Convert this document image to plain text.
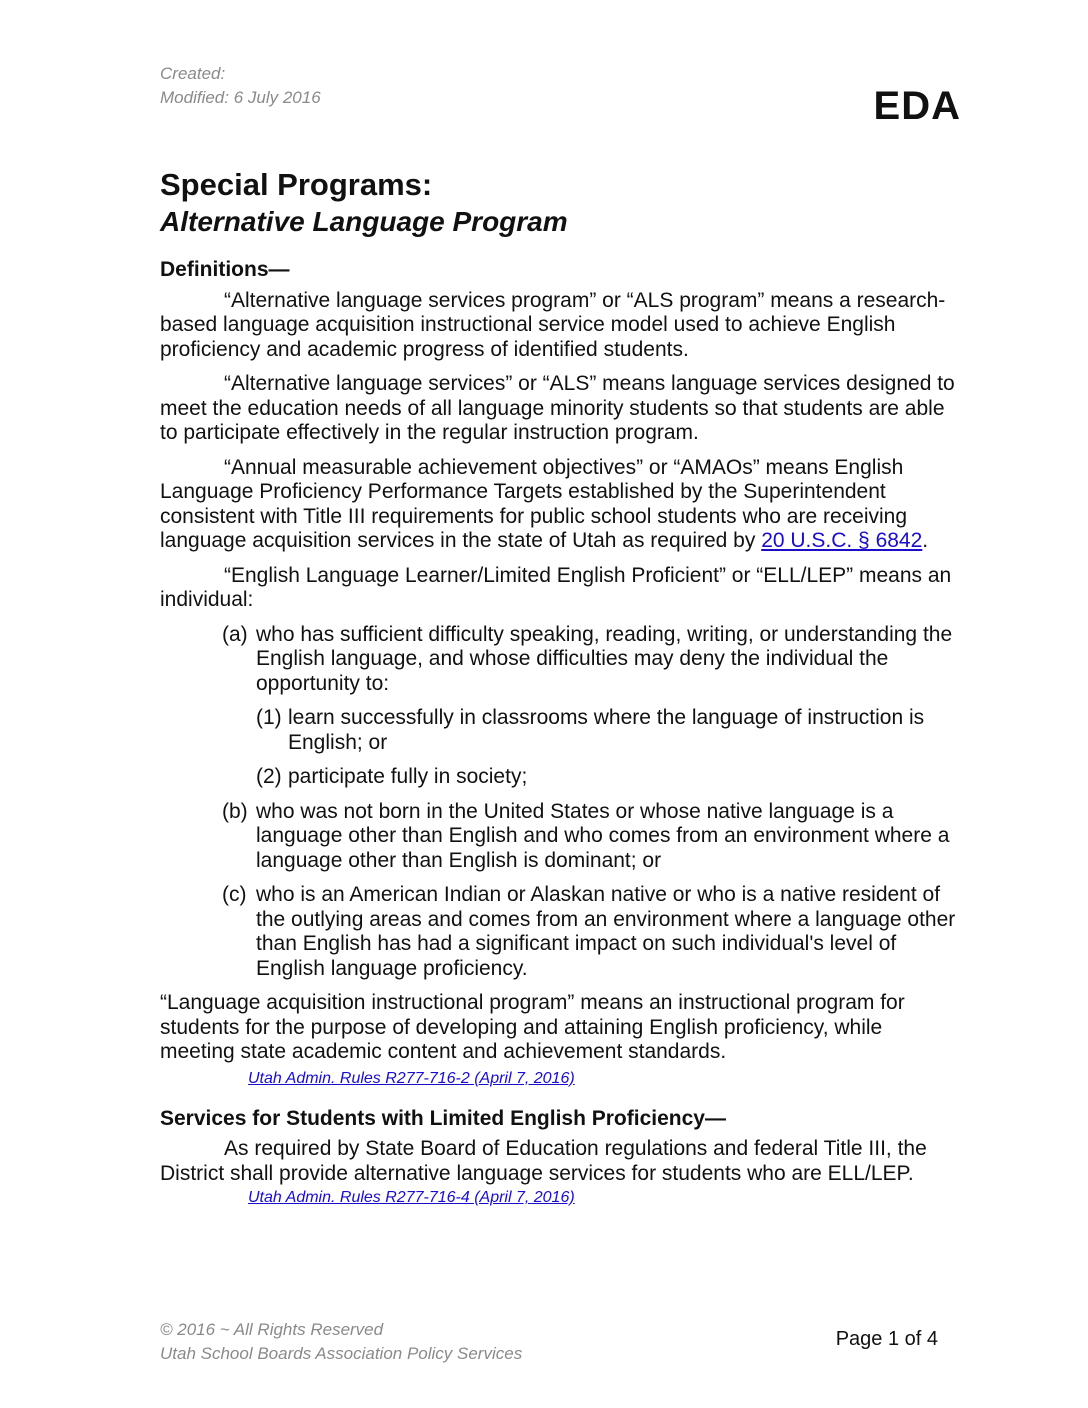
Created:
Modified: 6 July 2016	EDA
Special Programs:
Alternative Language Program
Definitions—

“Alternative language services program” or “ALS program” means a research-based language acquisition instructional service model used to achieve English proficiency and academic progress of identified students.

“Alternative language services” or “ALS” means language services designed to meet the education needs of all language minority students so that students are able to participate effectively in the regular instruction program.

“Annual measurable achievement objectives” or “AMAOs” means English Language Proficiency Performance Targets established by the Superintendent consistent with Title III requirements for public school students who are receiving language acquisition services in the state of Utah as required by 20 U.S.C. § 6842.

“English Language Learner/Limited English Proficient” or “ELL/LEP” means an individual:

(a) who has sufficient difficulty speaking, reading, writing, or understanding the English language, and whose difficulties may deny the individual the opportunity to:
(1) learn successfully in classrooms where the language of instruction is English; or
(2) participate fully in society;
(b) who was not born in the United States or whose native language is a language other than English and who comes from an environment where a language other than English is dominant; or
(c) who is an American Indian or Alaskan native or who is a native resident of the outlying areas and comes from an environment where a language other than English has had a significant impact on such individual's level of English language proficiency.

“Language acquisition instructional program” means an instructional program for students for the purpose of developing and attaining English proficiency, while meeting state academic content and achievement standards.

Utah Admin. Rules R277-716-2 (April 7, 2016)
Services for Students with Limited English Proficiency—

As required by State Board of Education regulations and federal Title III, the District shall provide alternative language services for students who are ELL/LEP.

Utah Admin. Rules R277-716-4 (April 7, 2016)
© 2016 ~ All Rights Reserved
Utah School Boards Association Policy Services
Page 1 of 4
